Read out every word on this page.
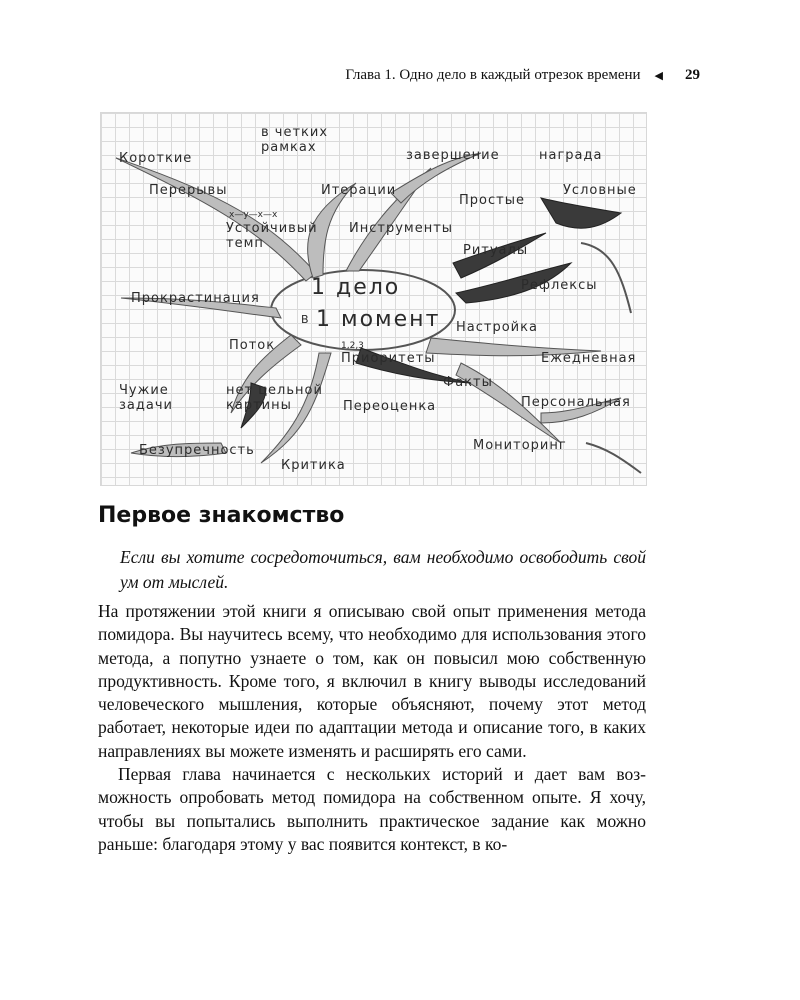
Глава 1. Одно дело в каждый отрезок времени ◀ 29
1 дело
B 1 момент
Короткие
Перерывы
в четких рамках
Итерации
завершение	награда
x—y—x—x
Устойчивый темп
Инструменты
Простые
Условные
Ритуалы
Рефлексы
Прокрастинация
Настройка
Поток	1,2,3
Приоритеты	Ежедневная
Чужие задачи
нет цельной картины	Переоценка
Факты
Персональная
Безупречность
Критика
Мониторинг
Первое знакомство

Если вы хотите сосредоточиться, вам необходимо освободить свой ум от мыслей.

На протяжении этой книги я описываю свой опыт применения метода помидора. Вы научитесь всему, что необходимо для использования этого метода, а попутно узнаете о том, как он повысил мою собственную продуктивность. Кроме того, я включил в книгу выводы исследований человеческого мышления, которые объясняют, почему этот метод работает, некоторые идеи по адаптации метода и описание того, в каких направлениях вы можете изменять и расширять его сами.

Первая глава начинается с нескольких историй и дает вам возможность опробовать метод помидора на собственном опыте. Я хочу, чтобы вы попытались выполнить практическое задание как можно раньше: благодаря этому у вас появится контекст, в ко-
